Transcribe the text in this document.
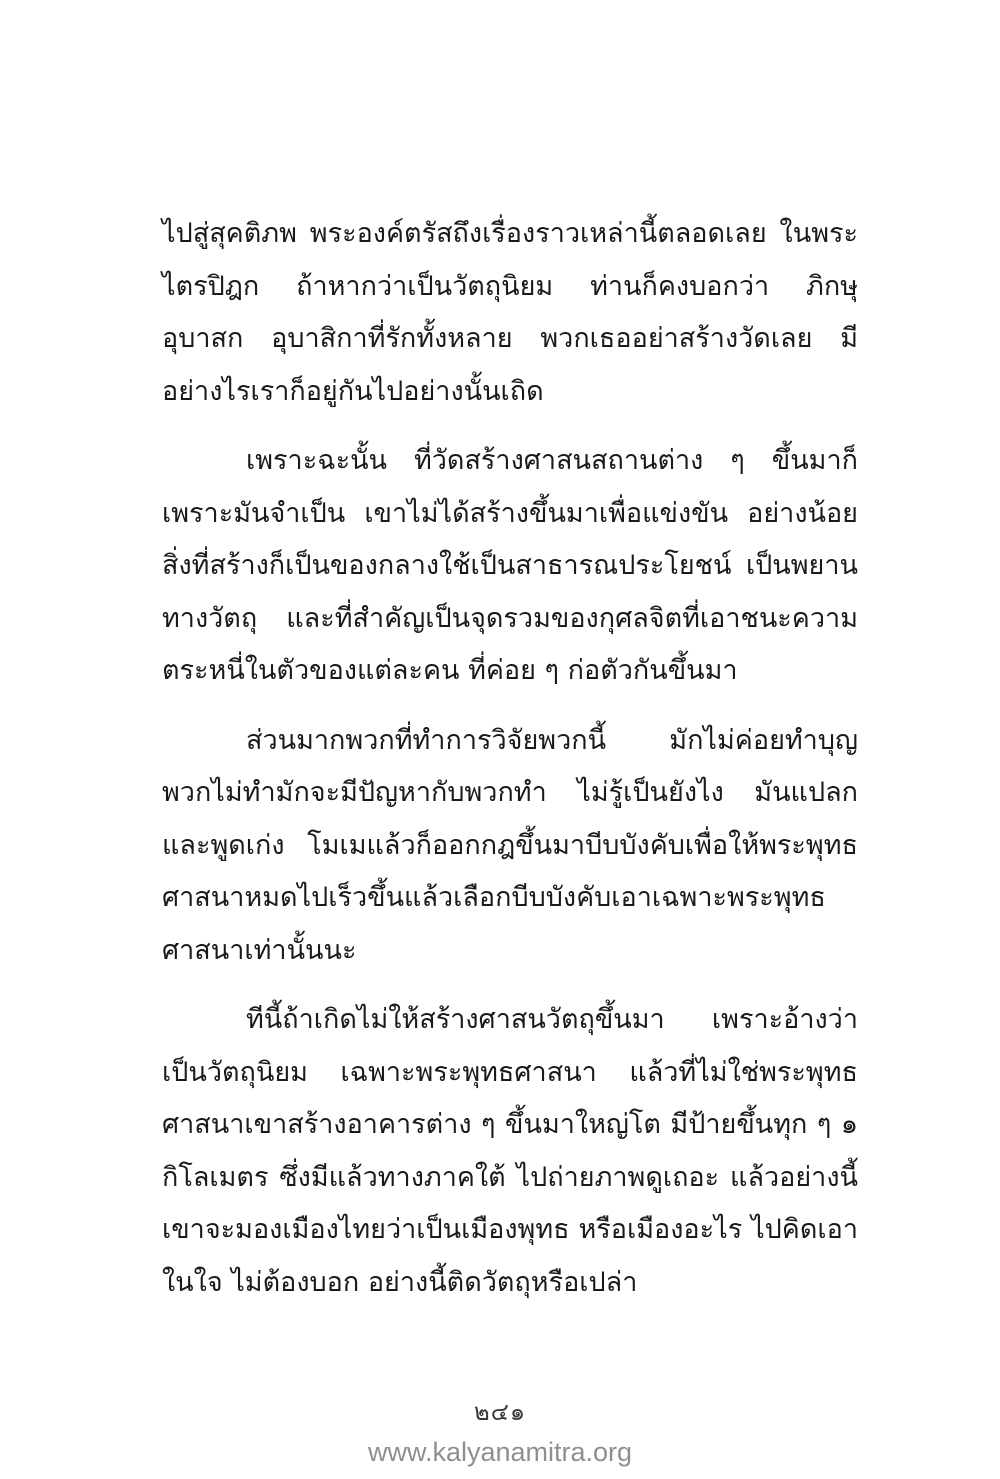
ไปสู่สุคติภพ พระองค์ตรัสถึงเรื่องราวเหล่านี้ตลอดเลย ในพระไตรปิฎก ถ้าหากว่าเป็นวัตถุนิยม ท่านก็คงบอกว่า ภิกษุ อุบาสก อุบาสิกาที่รักทั้งหลาย พวกเธออย่าสร้างวัดเลย มีอย่างไรเราก็อยู่กันไปอย่างนั้นเถิด

เพราะฉะนั้น ที่วัดสร้างศาสนสถานต่าง ๆ ขึ้นมาก็เพราะมันจำเป็น เขาไม่ได้สร้างขึ้นมาเพื่อแข่งขัน อย่างน้อยสิ่งที่สร้างก็เป็นของกลางใช้เป็นสาธารณประโยชน์ เป็นพยานทางวัตถุ และที่สำคัญเป็นจุดรวมของกุศลจิตที่เอาชนะความตระหนี่ในตัวของแต่ละคน ที่ค่อย ๆ ก่อตัวกันขึ้นมา

ส่วนมากพวกที่ทำการวิจัยพวกนี้ มักไม่ค่อยทำบุญ พวกไม่ทำมักจะมีปัญหากับพวกทำ ไม่รู้เป็นยังไง มันแปลก และพูดเก่ง โมเมแล้วก็ออกกฎขึ้นมาบีบบังคับเพื่อให้พระพุทธศาสนาหมดไปเร็วขึ้นแล้วเลือกบีบบังคับเอาเฉพาะพระพุทธศาสนาเท่านั้นนะ

ทีนี้ถ้าเกิดไม่ให้สร้างศาสนวัตถุขึ้นมา เพราะอ้างว่าเป็นวัตถุนิยม เฉพาะพระพุทธศาสนา แล้วที่ไม่ใช่พระพุทธศาสนาเขาสร้างอาคารต่าง ๆ ขึ้นมาใหญ่โต มีป้ายขึ้นทุก ๆ ๑ กิโลเมตร ซึ่งมีแล้วทางภาคใต้ ไปถ่ายภาพดูเถอะ แล้วอย่างนี้เขาจะมองเมืองไทยว่าเป็นเมืองพุทธ หรือเมืองอะไร ไปคิดเอาในใจ ไม่ต้องบอก อย่างนี้ติดวัตถุหรือเปล่า

๒๔๑
www.kalyanamitra.org
